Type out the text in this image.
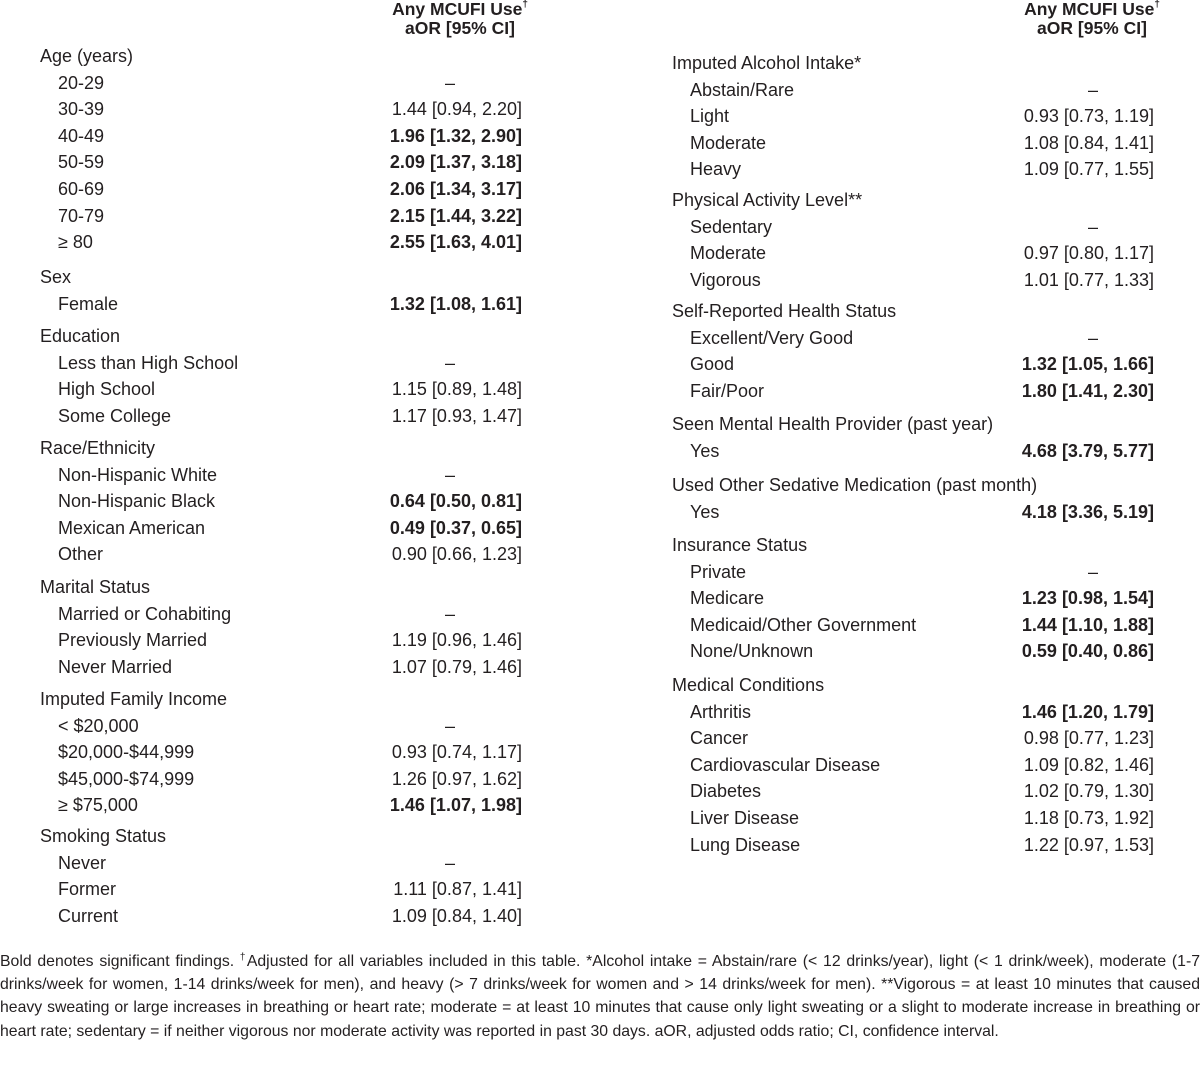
Any MCUFI Use†
aOR [95% CI]
Age (years)
20-29	–
30-39	1.44 [0.94, 2.20]
40-49	1.96 [1.32, 2.90]
50-59	2.09 [1.37, 3.18]
60-69	2.06 [1.34, 3.17]
70-79	2.15 [1.44, 3.22]
≥ 80	2.55 [1.63, 4.01]
Sex
Female	1.32 [1.08, 1.61]
Education
Less than High School	–
High School	1.15 [0.89, 1.48]
Some College	1.17 [0.93, 1.47]
Race/Ethnicity
Non-Hispanic White	–
Non-Hispanic Black	0.64 [0.50, 0.81]
Mexican American	0.49 [0.37, 0.65]
Other	0.90 [0.66, 1.23]
Marital Status
Married or Cohabiting	–
Previously Married	1.19 [0.96, 1.46]
Never Married	1.07 [0.79, 1.46]
Imputed Family Income
< $20,000	–
$20,000-$44,999	0.93 [0.74, 1.17]
$45,000-$74,999	1.26 [0.97, 1.62]
≥ $75,000	1.46 [1.07, 1.98]
Smoking Status
Never	–
Former	1.11 [0.87, 1.41]
Current	1.09 [0.84, 1.40]
Any MCUFI Use†
aOR [95% CI]
Imputed Alcohol Intake*
Abstain/Rare	–
Light	0.93 [0.73, 1.19]
Moderate	1.08 [0.84, 1.41]
Heavy	1.09 [0.77, 1.55]
Physical Activity Level**
Sedentary	–
Moderate	0.97 [0.80, 1.17]
Vigorous	1.01 [0.77, 1.33]
Self-Reported Health Status
Excellent/Very Good	–
Good	1.32 [1.05, 1.66]
Fair/Poor	1.80 [1.41, 2.30]
Seen Mental Health Provider (past year)
Yes	4.68 [3.79, 5.77]
Used Other Sedative Medication (past month)
Yes	4.18 [3.36, 5.19]
Insurance Status
Private	–
Medicare	1.23 [0.98, 1.54]
Medicaid/Other Government	1.44 [1.10, 1.88]
None/Unknown	0.59 [0.40, 0.86]
Medical Conditions
Arthritis	1.46 [1.20, 1.79]
Cancer	0.98 [0.77, 1.23]
Cardiovascular Disease	1.09 [0.82, 1.46]
Diabetes	1.02 [0.79, 1.30]
Liver Disease	1.18 [0.73, 1.92]
Lung Disease	1.22 [0.97, 1.53]
Bold denotes significant findings. †Adjusted for all variables included in this table. *Alcohol intake = Abstain/rare (< 12 drinks/year), light (< 1 drink/week), moderate (1-7 drinks/week for women, 1-14 drinks/week for men), and heavy (> 7 drinks/week for women and > 14 drinks/week for men). **Vigorous = at least 10 minutes that caused heavy sweating or large increases in breathing or heart rate; moderate = at least 10 minutes that cause only light sweating or a slight to moderate increase in breathing or heart rate; sedentary = if neither vigorous nor moderate activity was reported in past 30 days. aOR, adjusted odds ratio; CI, confidence interval.
